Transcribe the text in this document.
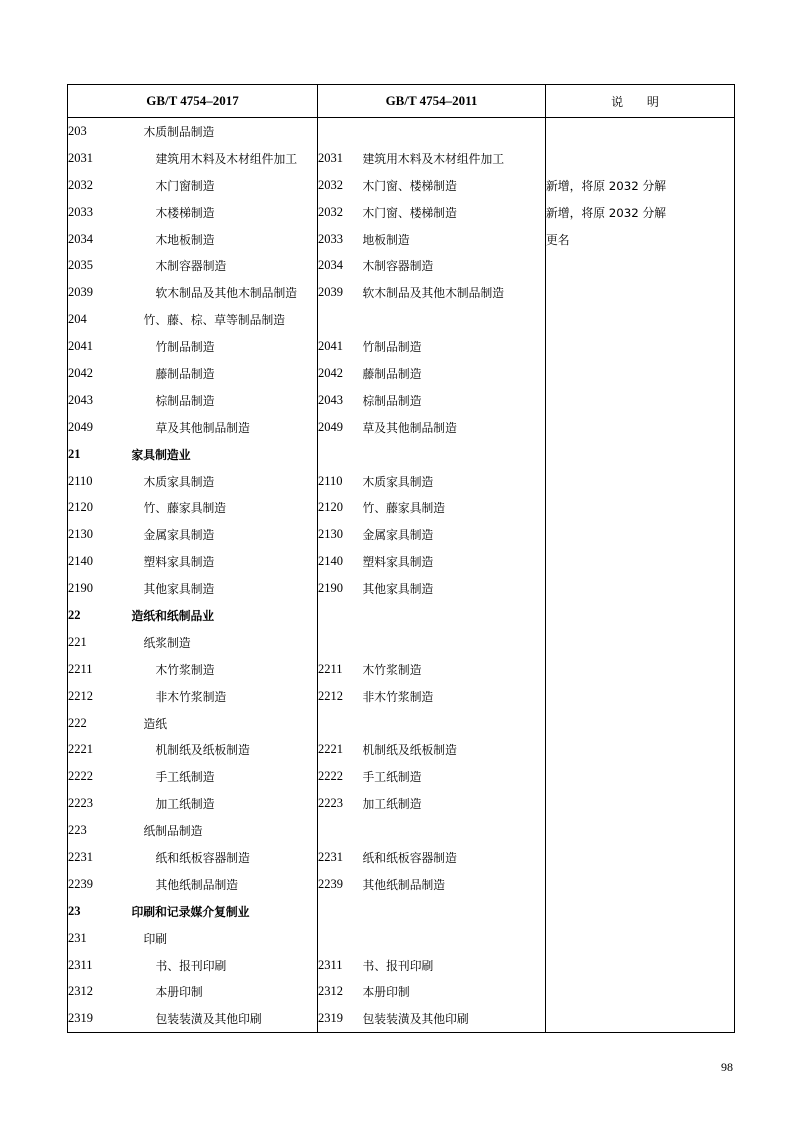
GB/T 4754–2017		GB/T 4754–2011		说 明
203	木质制品制造			
2031	建筑用木料及木材组件加工	2031	建筑用木料及木材组件加工	
2032	木门窗制造	2032	木门窗、楼梯制造	新增，将原 2032 分解
2033	木楼梯制造	2032	木门窗、楼梯制造	新增，将原 2032 分解
2034	木地板制造	2033	地板制造	更名
2035	木制容器制造	2034	木制容器制造	
2039	软木制品及其他木制品制造	2039	软木制品及其他木制品制造	
204	竹、藤、棕、草等制品制造			
2041	竹制品制造	2041	竹制品制造	
2042	藤制品制造	2042	藤制品制造	
2043	棕制品制造	2043	棕制品制造	
2049	草及其他制品制造	2049	草及其他制品制造	
21	家具制造业			
2110	木质家具制造	2110	木质家具制造	
2120	竹、藤家具制造	2120	竹、藤家具制造	
2130	金属家具制造	2130	金属家具制造	
2140	塑料家具制造	2140	塑料家具制造	
2190	其他家具制造	2190	其他家具制造	
22	造纸和纸制品业			
221	纸浆制造			
2211	木竹浆制造	2211	木竹浆制造	
2212	非木竹浆制造	2212	非木竹浆制造	
222	造纸			
2221	机制纸及纸板制造	2221	机制纸及纸板制造	
2222	手工纸制造	2222	手工纸制造	
2223	加工纸制造	2223	加工纸制造	
223	纸制品制造			
2231	纸和纸板容器制造	2231	纸和纸板容器制造	
2239	其他纸制品制造	2239	其他纸制品制造	
23	印刷和记录媒介复制业			
231	印刷			
2311	书、报刊印刷	2311	书、报刊印刷	
2312	本册印制	2312	本册印制	
2319	包装装潢及其他印刷	2319	包装装潢及其他印刷	
98
